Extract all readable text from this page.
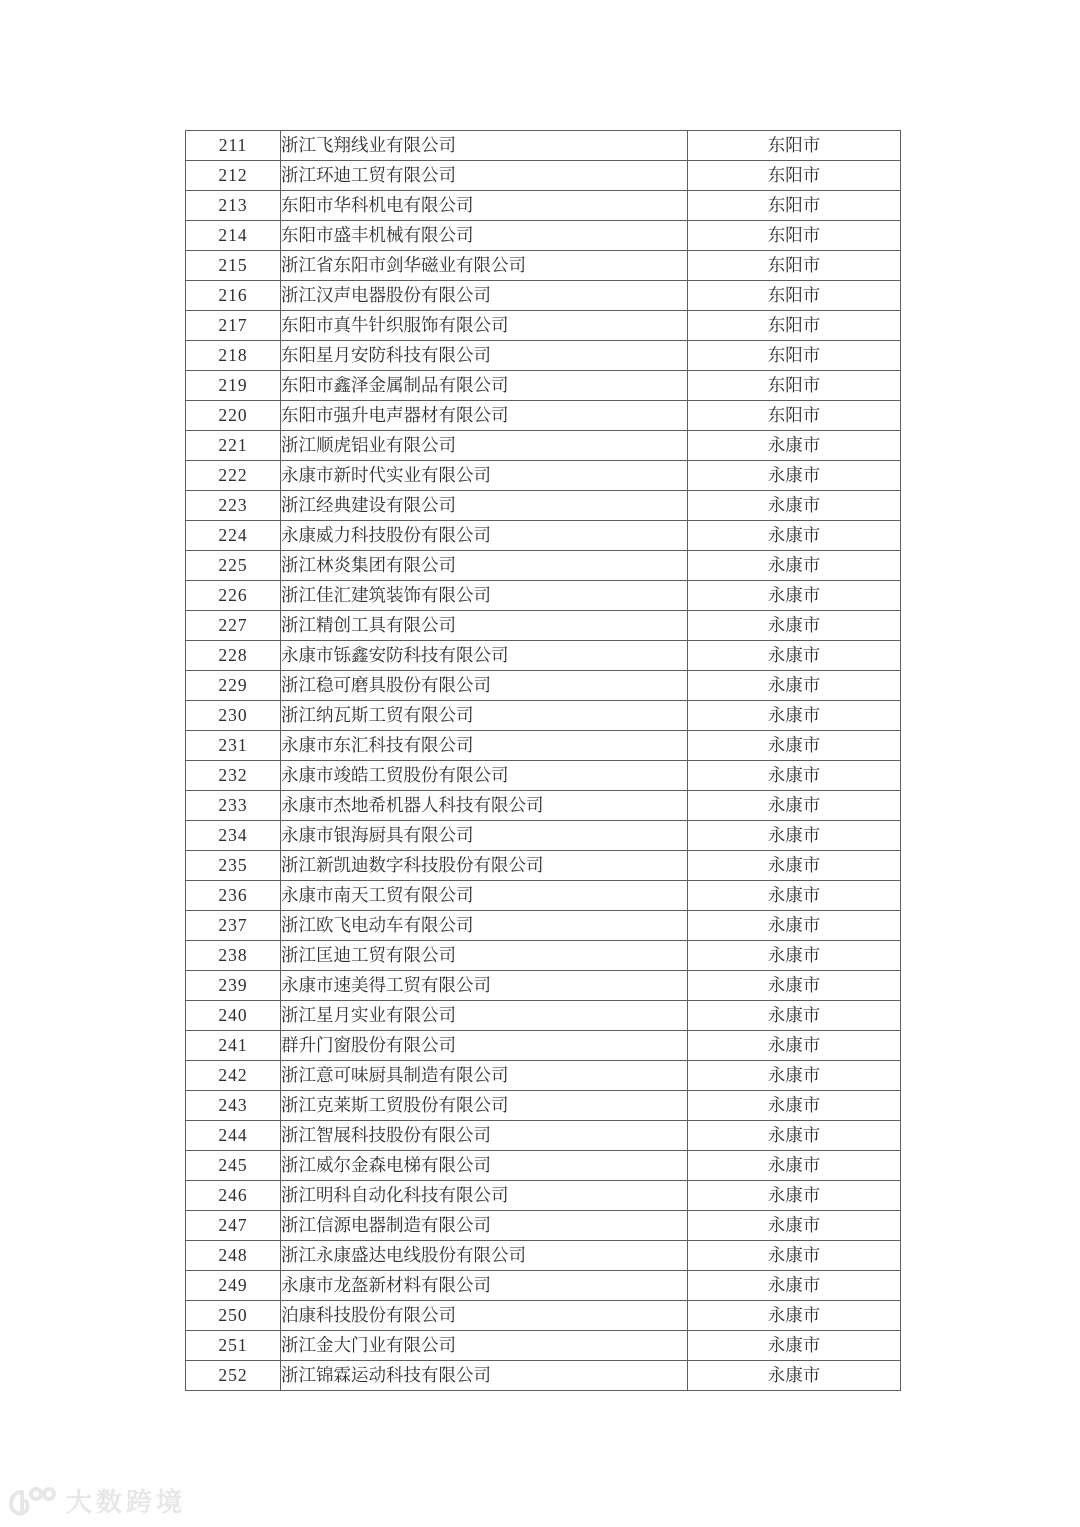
211	浙江飞翔线业有限公司	东阳市
212	浙江环迪工贸有限公司	东阳市
213	东阳市华科机电有限公司	东阳市
214	东阳市盛丰机械有限公司	东阳市
215	浙江省东阳市剑华磁业有限公司	东阳市
216	浙江汉声电器股份有限公司	东阳市
217	东阳市真牛针织服饰有限公司	东阳市
218	东阳星月安防科技有限公司	东阳市
219	东阳市鑫泽金属制品有限公司	东阳市
220	东阳市强升电声器材有限公司	东阳市
221	浙江顺虎铝业有限公司	永康市
222	永康市新时代实业有限公司	永康市
223	浙江经典建设有限公司	永康市
224	永康威力科技股份有限公司	永康市
225	浙江林炎集团有限公司	永康市
226	浙江佳汇建筑装饰有限公司	永康市
227	浙江精创工具有限公司	永康市
228	永康市铄鑫安防科技有限公司	永康市
229	浙江稳可磨具股份有限公司	永康市
230	浙江纳瓦斯工贸有限公司	永康市
231	永康市东汇科技有限公司	永康市
232	永康市竣皓工贸股份有限公司	永康市
233	永康市杰地希机器人科技有限公司	永康市
234	永康市银海厨具有限公司	永康市
235	浙江新凯迪数字科技股份有限公司	永康市
236	永康市南天工贸有限公司	永康市
237	浙江欧飞电动车有限公司	永康市
238	浙江匡迪工贸有限公司	永康市
239	永康市速美得工贸有限公司	永康市
240	浙江星月实业有限公司	永康市
241	群升门窗股份有限公司	永康市
242	浙江意可味厨具制造有限公司	永康市
243	浙江克莱斯工贸股份有限公司	永康市
244	浙江智展科技股份有限公司	永康市
245	浙江威尔金森电梯有限公司	永康市
246	浙江明科自动化科技有限公司	永康市
247	浙江信源电器制造有限公司	永康市
248	浙江永康盛达电线股份有限公司	永康市
249	永康市龙盔新材料有限公司	永康市
250	泊康科技股份有限公司	永康市
251	浙江金大门业有限公司	永康市
252	浙江锦霖运动科技有限公司	永康市
大数跨境
